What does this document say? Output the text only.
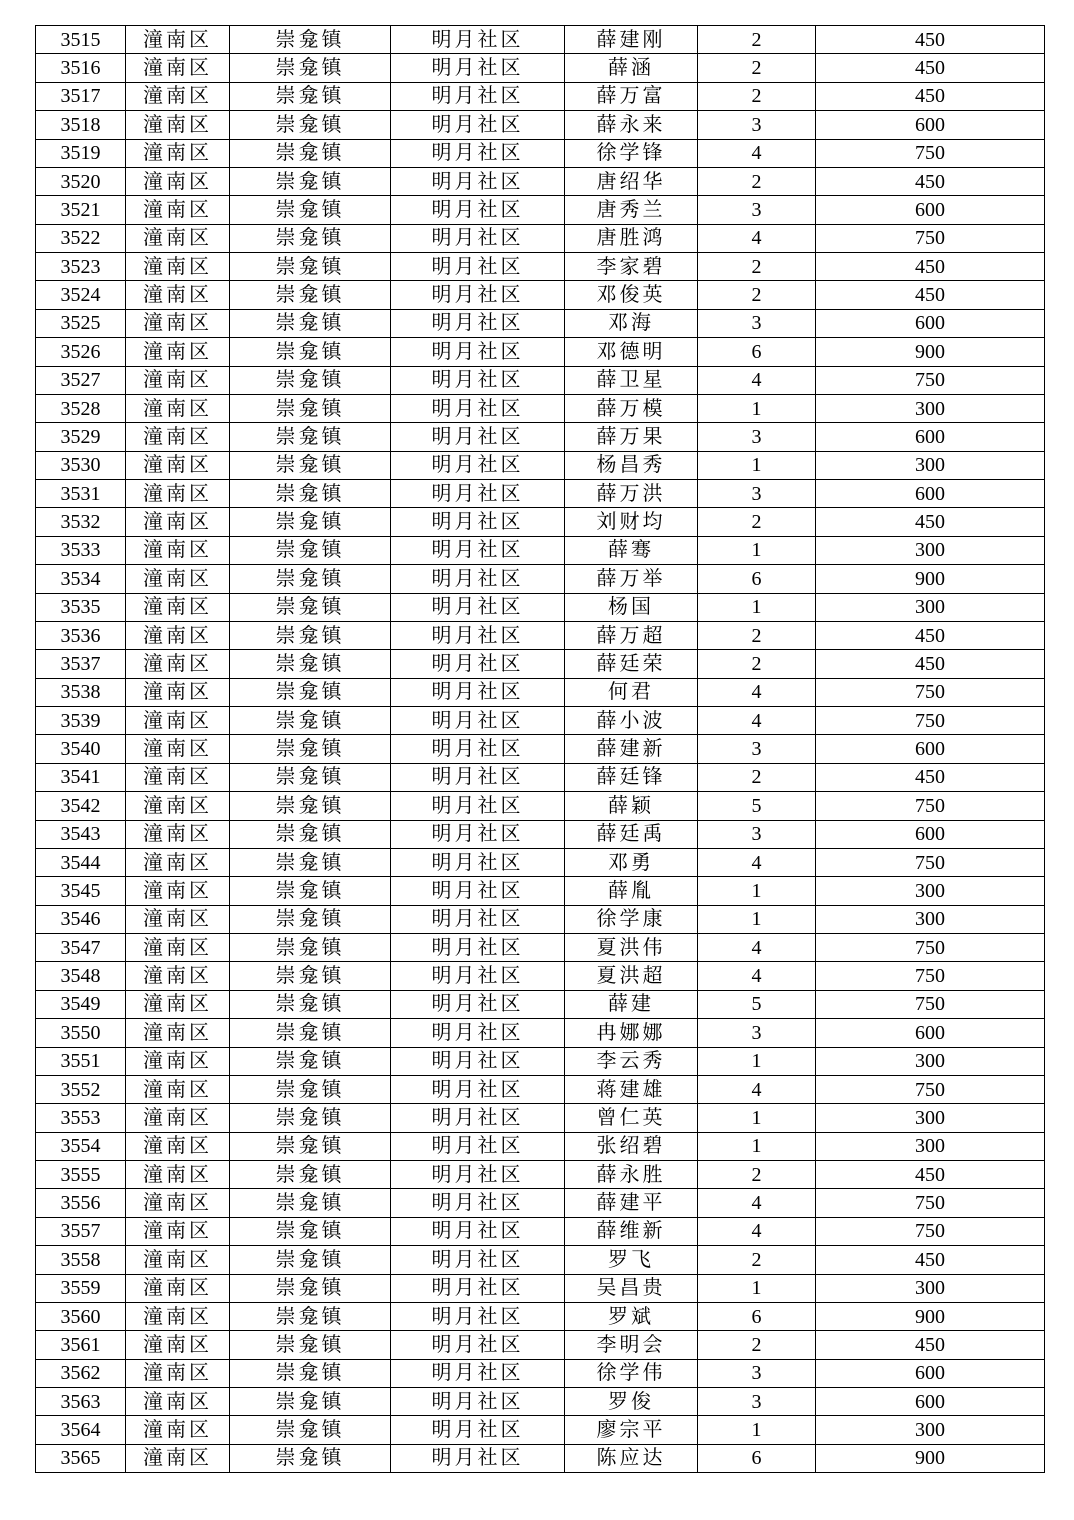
3515	潼南区	崇龛镇	明月社区	薛建刚	2	450
3516	潼南区	崇龛镇	明月社区	薛涵	2	450
3517	潼南区	崇龛镇	明月社区	薛万富	2	450
3518	潼南区	崇龛镇	明月社区	薛永来	3	600
3519	潼南区	崇龛镇	明月社区	徐学锋	4	750
3520	潼南区	崇龛镇	明月社区	唐绍华	2	450
3521	潼南区	崇龛镇	明月社区	唐秀兰	3	600
3522	潼南区	崇龛镇	明月社区	唐胜鸿	4	750
3523	潼南区	崇龛镇	明月社区	李家碧	2	450
3524	潼南区	崇龛镇	明月社区	邓俊英	2	450
3525	潼南区	崇龛镇	明月社区	邓海	3	600
3526	潼南区	崇龛镇	明月社区	邓德明	6	900
3527	潼南区	崇龛镇	明月社区	薛卫星	4	750
3528	潼南区	崇龛镇	明月社区	薛万模	1	300
3529	潼南区	崇龛镇	明月社区	薛万果	3	600
3530	潼南区	崇龛镇	明月社区	杨昌秀	1	300
3531	潼南区	崇龛镇	明月社区	薛万洪	3	600
3532	潼南区	崇龛镇	明月社区	刘财均	2	450
3533	潼南区	崇龛镇	明月社区	薛骞	1	300
3534	潼南区	崇龛镇	明月社区	薛万举	6	900
3535	潼南区	崇龛镇	明月社区	杨国	1	300
3536	潼南区	崇龛镇	明月社区	薛万超	2	450
3537	潼南区	崇龛镇	明月社区	薛廷荣	2	450
3538	潼南区	崇龛镇	明月社区	何君	4	750
3539	潼南区	崇龛镇	明月社区	薛小波	4	750
3540	潼南区	崇龛镇	明月社区	薛建新	3	600
3541	潼南区	崇龛镇	明月社区	薛廷锋	2	450
3542	潼南区	崇龛镇	明月社区	薛颖	5	750
3543	潼南区	崇龛镇	明月社区	薛廷禹	3	600
3544	潼南区	崇龛镇	明月社区	邓勇	4	750
3545	潼南区	崇龛镇	明月社区	薛胤	1	300
3546	潼南区	崇龛镇	明月社区	徐学康	1	300
3547	潼南区	崇龛镇	明月社区	夏洪伟	4	750
3548	潼南区	崇龛镇	明月社区	夏洪超	4	750
3549	潼南区	崇龛镇	明月社区	薛建	5	750
3550	潼南区	崇龛镇	明月社区	冉娜娜	3	600
3551	潼南区	崇龛镇	明月社区	李云秀	1	300
3552	潼南区	崇龛镇	明月社区	蒋建雄	4	750
3553	潼南区	崇龛镇	明月社区	曾仁英	1	300
3554	潼南区	崇龛镇	明月社区	张绍碧	1	300
3555	潼南区	崇龛镇	明月社区	薛永胜	2	450
3556	潼南区	崇龛镇	明月社区	薛建平	4	750
3557	潼南区	崇龛镇	明月社区	薛维新	4	750
3558	潼南区	崇龛镇	明月社区	罗飞	2	450
3559	潼南区	崇龛镇	明月社区	吴昌贵	1	300
3560	潼南区	崇龛镇	明月社区	罗斌	6	900
3561	潼南区	崇龛镇	明月社区	李明会	2	450
3562	潼南区	崇龛镇	明月社区	徐学伟	3	600
3563	潼南区	崇龛镇	明月社区	罗俊	3	600
3564	潼南区	崇龛镇	明月社区	廖宗平	1	300
3565	潼南区	崇龛镇	明月社区	陈应达	6	900
